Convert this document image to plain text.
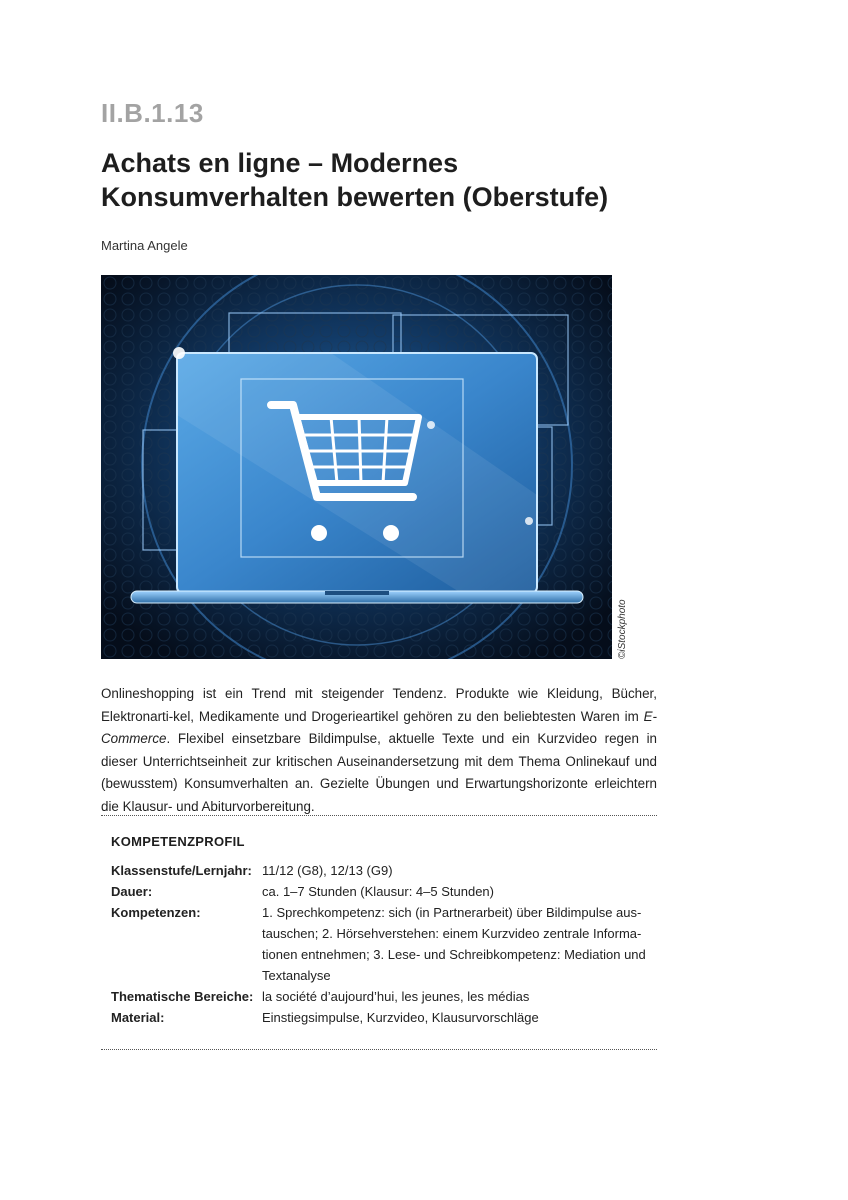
II.B.1.13
Achats en ligne – Modernes
Konsumverhalten bewerten (Oberstufe)
Martina Angele
©iStockphoto
Onlineshopping ist ein Trend mit steigender Tendenz. Produkte wie Kleidung, Bücher, Elektronarti-kel, Medikamente und Drogerieartikel gehören zu den beliebtesten Waren im E-Commerce. Flexibel einsetzbare Bildimpulse, aktuelle Texte und ein Kurzvideo regen in dieser Unterrichtseinheit zur kritischen Auseinandersetzung mit dem Thema Onlinekauf und (bewusstem) Konsumverhalten an. Gezielte Übungen und Erwartungshorizonte erleichtern die Klausur- und Abiturvorbereitung.
KOMPETENZPROFIL
Klassenstufe/Lernjahr: 11/12 (G8), 12/13 (G9)
Dauer:	ca. 1–7 Stunden (Klausur: 4–5 Stunden)
Kompetenzen:	1. Sprechkompetenz: sich (in Partnerarbeit) über Bildimpulse austauschen; 2. Hörsehverstehen: einem Kurzvideo zentrale Informationen entnehmen; 3. Lese- und Schreibkompetenz: Mediation und Textanalyse
Thematische Bereiche: la société d’aujourd’hui, les jeunes, les médias
Material:	Einstiegsimpulse, Kurzvideo, Klausurvorschläge
